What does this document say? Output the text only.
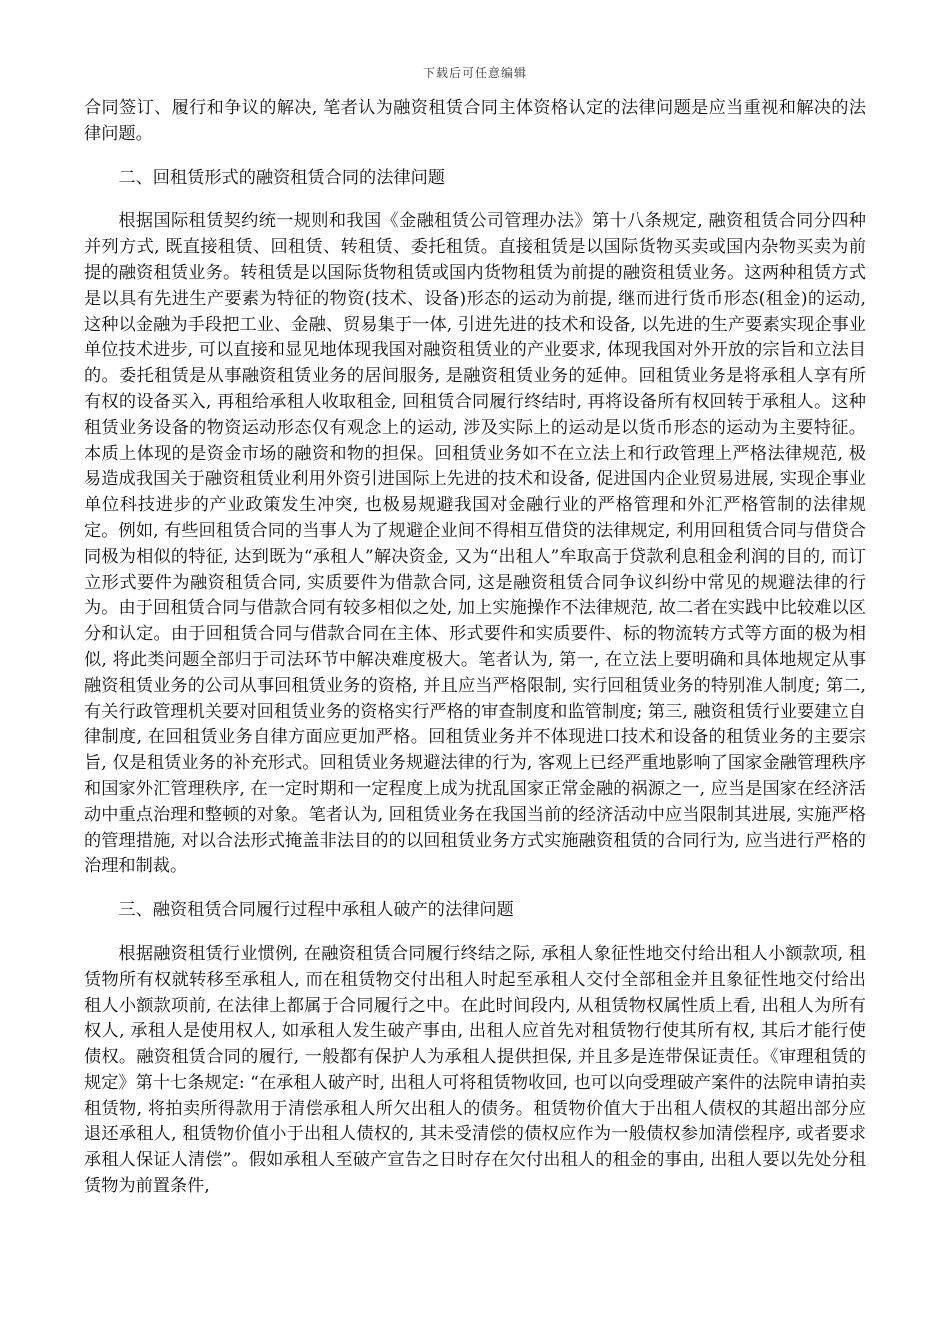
下载后可任意编辑

合同签订、履行和争议的解决, 笔者认为融资租赁合同主体资格认定的法律问题是应当重视和解决的法律问题。

二、回租赁形式的融资租赁合同的法律问题

根据国际租赁契约统一规则和我国《金融租赁公司管理办法》第十八条规定, 融资租赁合同分四种并列方式, 既直接租赁、回租赁、转租赁、委托租赁。直接租赁是以国际货物买卖或国内杂物买卖为前提的融资租赁业务。转租赁是以国际货物租赁或国内货物租赁为前提的融资租赁业务。这两种租赁方式是以具有先进生产要素为特征的物资(技术、设备)形态的运动为前提, 继而进行货币形态(租金)的运动, 这种以金融为手段把工业、金融、贸易集于一体, 引进先进的技术和设备, 以先进的生产要素实现企事业单位技术进步, 可以直接和显见地体现我国对融资租赁业的产业要求, 体现我国对外开放的宗旨和立法目的。委托租赁是从事融资租赁业务的居间服务, 是融资租赁业务的延伸。回租赁业务是将承租人享有所有权的设备买入, 再租给承租人收取租金, 回租赁合同履行终结时, 再将设备所有权回转于承租人。这种租赁业务设备的物资运动形态仅有观念上的运动, 涉及实际上的运动是以货币形态的运动为主要特征。本质上体现的是资金市场的融资和物的担保。回租赁业务如不在立法上和行政管理上严格法律规范, 极易造成我国关于融资租赁业利用外资引进国际上先进的技术和设备, 促进国内企业贸易进展, 实现企事业单位科技进步的产业政策发生冲突, 也极易规避我国对金融行业的严格管理和外汇严格管制的法律规定。例如, 有些回租赁合同的当事人为了规避企业间不得相互借贷的法律规定, 利用回租赁合同与借贷合同极为相似的特征, 达到既为“承租人”解决资金, 又为“出租人”牟取高于贷款利息租金利润的目的, 而订立形式要件为融资租赁合同, 实质要件为借款合同, 这是融资租赁合同争议纠纷中常见的规避法律的行为。由于回租赁合同与借款合同有较多相似之处, 加上实施操作不法律规范, 故二者在实践中比较难以区分和认定。由于回租赁合同与借款合同在主体、形式要件和实质要件、标的物流转方式等方面的极为相似, 将此类问题全部归于司法环节中解决难度极大。笔者认为, 第一, 在立法上要明确和具体地规定从事融资租赁业务的公司从事回租赁业务的资格, 并且应当严格限制, 实行回租赁业务的特别准人制度; 第二, 有关行政管理机关要对回租赁业务的资格实行严格的审查制度和监管制度; 第三, 融资租赁行业要建立自律制度, 在回租赁业务自律方面应更加严格。回租赁业务并不体现进口技术和设备的租赁业务的主要宗旨, 仅是租赁业务的补充形式。回租赁业务规避法律的行为, 客观上已经严重地影响了国家金融管理秩序和国家外汇管理秩序, 在一定时期和一定程度上成为扰乱国家正常金融的祸源之一, 应当是国家在经济活动中重点治理和整顿的对象。笔者认为, 回租赁业务在我国当前的经济活动中应当限制其进展, 实施严格的管理措施, 对以合法形式掩盖非法目的的以回租赁业务方式实施融资租赁的合同行为, 应当进行严格的治理和制裁。

三、融资租赁合同履行过程中承租人破产的法律问题

根据融资租赁行业惯例, 在融资租赁合同履行终结之际, 承租人象征性地交付给出租人小额款项, 租赁物所有权就转移至承租人, 而在租赁物交付出租人时起至承租人交付全部租金并且象征性地交付给出租人小额款项前, 在法律上都属于合同履行之中。在此时间段内, 从租赁物权属性质上看, 出租人为所有权人, 承租人是使用权人, 如承租人发生破产事由, 出租人应首先对租赁物行使其所有权, 其后才能行使债权。融资租赁合同的履行, 一般都有保护人为承租人提供担保, 并且多是连带保证责任。《审理租赁的规定》第十七条规定: “在承租人破产时, 出租人可将租赁物收回, 也可以向受理破产案件的法院申请拍卖租赁物, 将拍卖所得款用于清偿承租人所欠出租人的债务。租赁物价值大于出租人债权的其超出部分应退还承租人, 租赁物价值小于出租人债权的, 其未受清偿的债权应作为一般债权参加清偿程序, 或者要求承租人保证人清偿”。假如承租人至破产宣告之日时存在欠付出租人的租金的事由, 出租人要以先处分租赁物为前置条件,
